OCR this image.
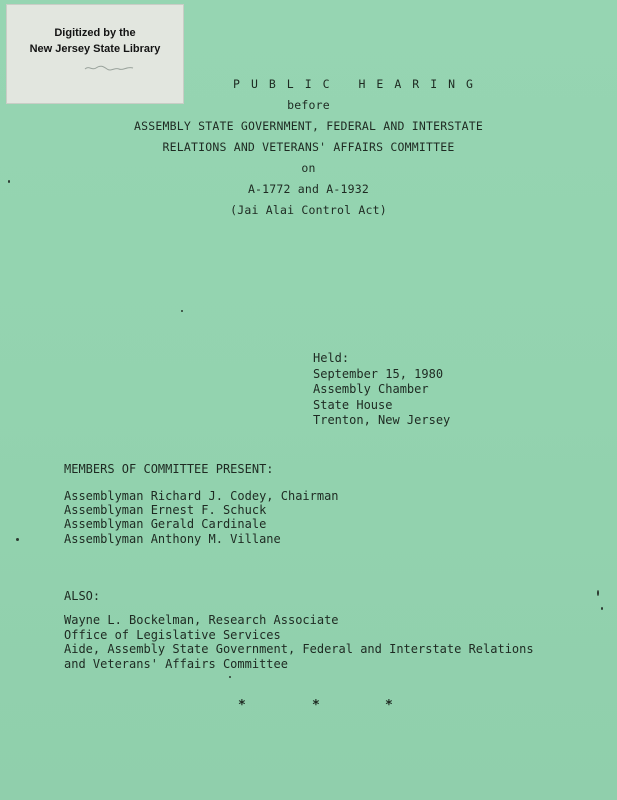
Digitized by the
New Jersey State Library
PUBLIC HEARING
before
ASSEMBLY STATE GOVERNMENT, FEDERAL AND INTERSTATE
RELATIONS AND VETERANS' AFFAIRS COMMITTEE
on
A-1772 and A-1932
(Jai Alai Control Act)
Held:
September 15, 1980
Assembly Chamber
State House
Trenton, New Jersey
MEMBERS OF COMMITTEE PRESENT:
Assemblyman Richard J. Codey, Chairman
Assemblyman Ernest F. Schuck
Assemblyman Gerald Cardinale
Assemblyman Anthony M. Villane
ALSO:
Wayne L. Bockelman, Research Associate
Office of Legislative Services
Aide, Assembly State Government, Federal and Interstate Relations
and Veterans' Affairs Committee
*	*	*
